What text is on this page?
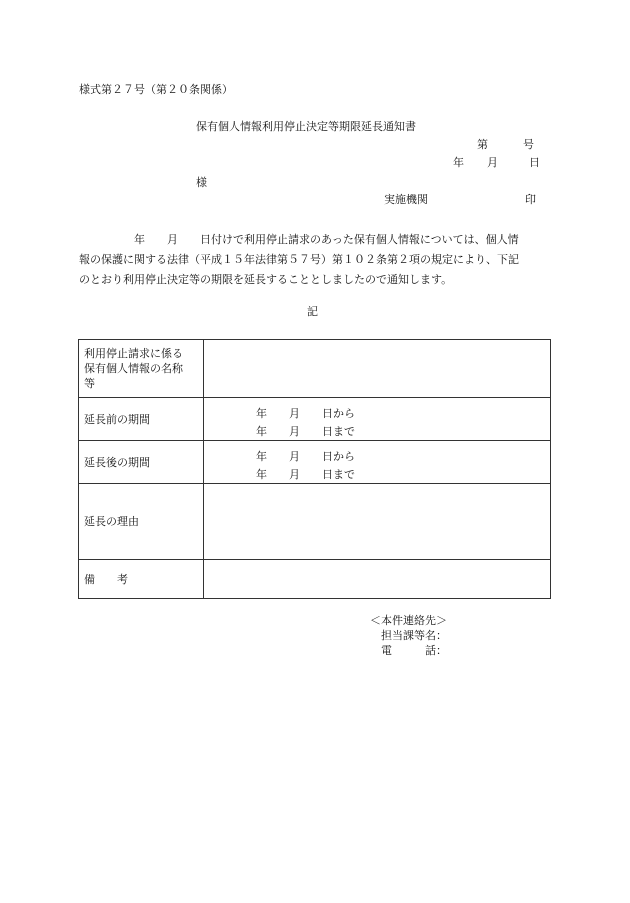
様式第２７号（第２０条関係）
保有個人情報利用停止決定等期限延長通知書
第	号
年 月	日
様
実施機関	印
　　　　　年　　月　　日付けで利用停止請求のあった保有個人情報については、個人情
報の保護に関する法律（平成１５年法律第５７号）第１０２条第２項の規定により、下記
のとおり利用停止決定等の期限を延長することとしましたので通知します。
記
利用停止請求に係る
保有個人情報の名称
等	

延長前の期間	年　　月　　日から
年　　月　　日まで

延長後の期間	年　　月　　日から
年　　月　　日まで

延長の理由	
備　　考	
＜本件連絡先＞
担当課等名：
電　　　話：
